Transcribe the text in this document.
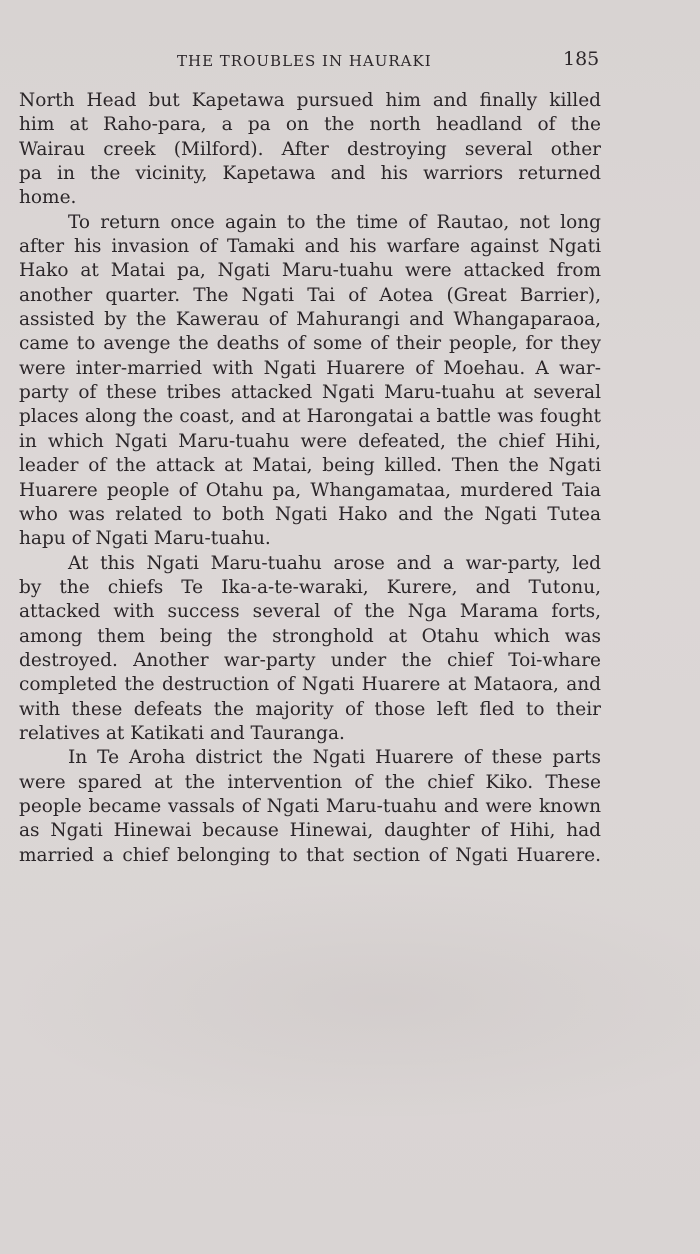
THE TROUBLES IN HAURAKI	185
North Head but Kapetawa pursued him and finally killed
him at Raho-para, a pa on the north headland of the
Wairau creek (Milford). After destroying several other
pa in the vicinity, Kapetawa and his warriors returned
home.
To return once again to the time of Rautao, not long
after his invasion of Tamaki and his warfare against Ngati
Hako at Matai pa, Ngati Maru-tuahu were attacked from
another quarter. The Ngati Tai of Aotea (Great Barrier),
assisted by the Kawerau of Mahurangi and Whangaparaoa,
came to avenge the deaths of some of their people, for they
were inter-married with Ngati Huarere of Moehau. A war-
party of these tribes attacked Ngati Maru-tuahu at several
places along the coast, and at Harongatai a battle was fought
in which Ngati Maru-tuahu were defeated, the chief Hihi,
leader of the attack at Matai, being killed. Then the Ngati
Huarere people of Otahu pa, Whangamataa, murdered Taia
who was related to both Ngati Hako and the Ngati Tutea
hapu of Ngati Maru-tuahu.
At this Ngati Maru-tuahu arose and a war-party, led
by the chiefs Te Ika-a-te-waraki, Kurere, and Tutonu,
attacked with success several of the Nga Marama forts,
among them being the stronghold at Otahu which was
destroyed. Another war-party under the chief Toi-whare
completed the destruction of Ngati Huarere at Mataora, and
with these defeats the majority of those left fled to their
relatives at Katikati and Tauranga.
In Te Aroha district the Ngati Huarere of these parts
were spared at the intervention of the chief Kiko. These
people became vassals of Ngati Maru-tuahu and were known
as Ngati Hinewai because Hinewai, daughter of Hihi, had
married a chief belonging to that section of Ngati Huarere.
